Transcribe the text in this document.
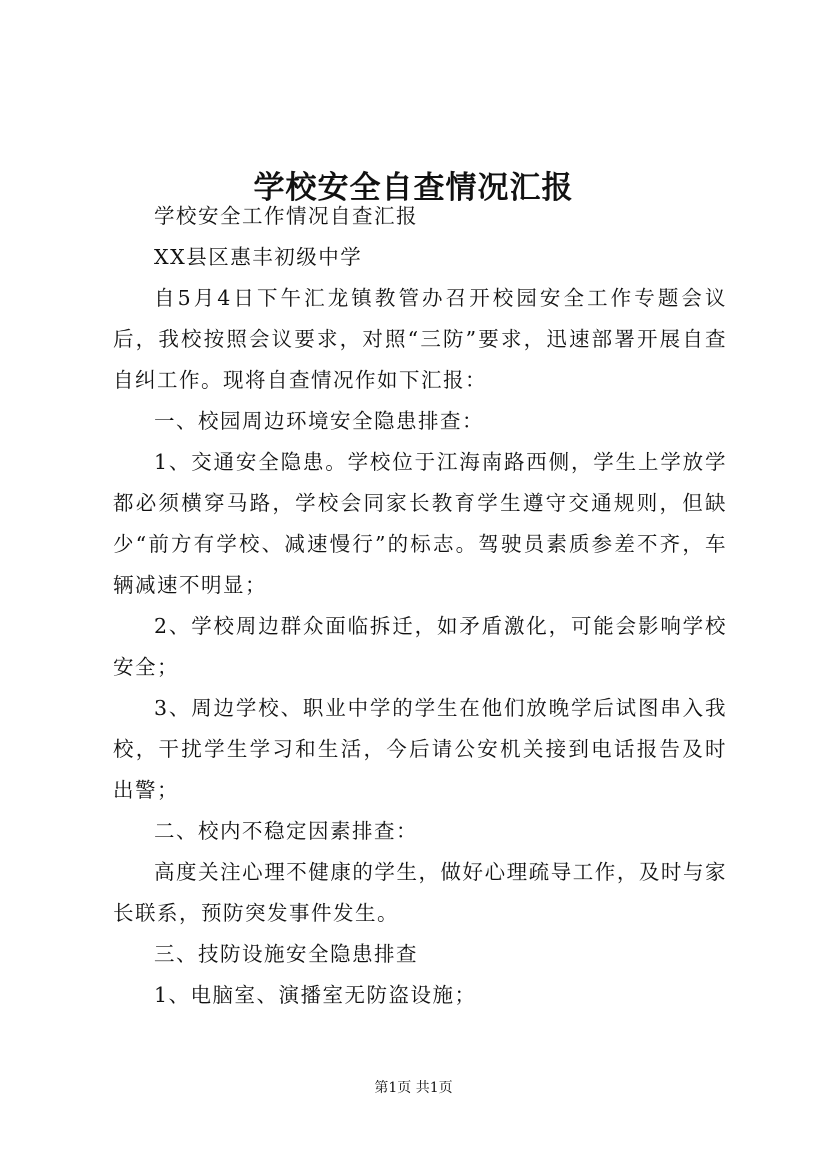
学校安全自查情况汇报

学校安全工作情况自查汇报

XX县区惠丰初级中学

自5月4日下午汇龙镇教管办召开校园安全工作专题会议后，我校按照会议要求，对照“三防”要求，迅速部署开展自查自纠工作。现将自查情况作如下汇报：

一、校园周边环境安全隐患排查：

1、交通安全隐患。学校位于江海南路西侧，学生上学放学都必须横穿马路，学校会同家长教育学生遵守交通规则，但缺少“前方有学校、减速慢行”的标志。驾驶员素质参差不齐，车辆减速不明显；

2、学校周边群众面临拆迁，如矛盾激化，可能会影响学校安全；

3、周边学校、职业中学的学生在他们放晚学后试图串入我校，干扰学生学习和生活，今后请公安机关接到电话报告及时出警；

二、校内不稳定因素排查：

高度关注心理不健康的学生，做好心理疏导工作，及时与家长联系，预防突发事件发生。

三、技防设施安全隐患排查

1、电脑室、演播室无防盗设施；

第1页 共1页
